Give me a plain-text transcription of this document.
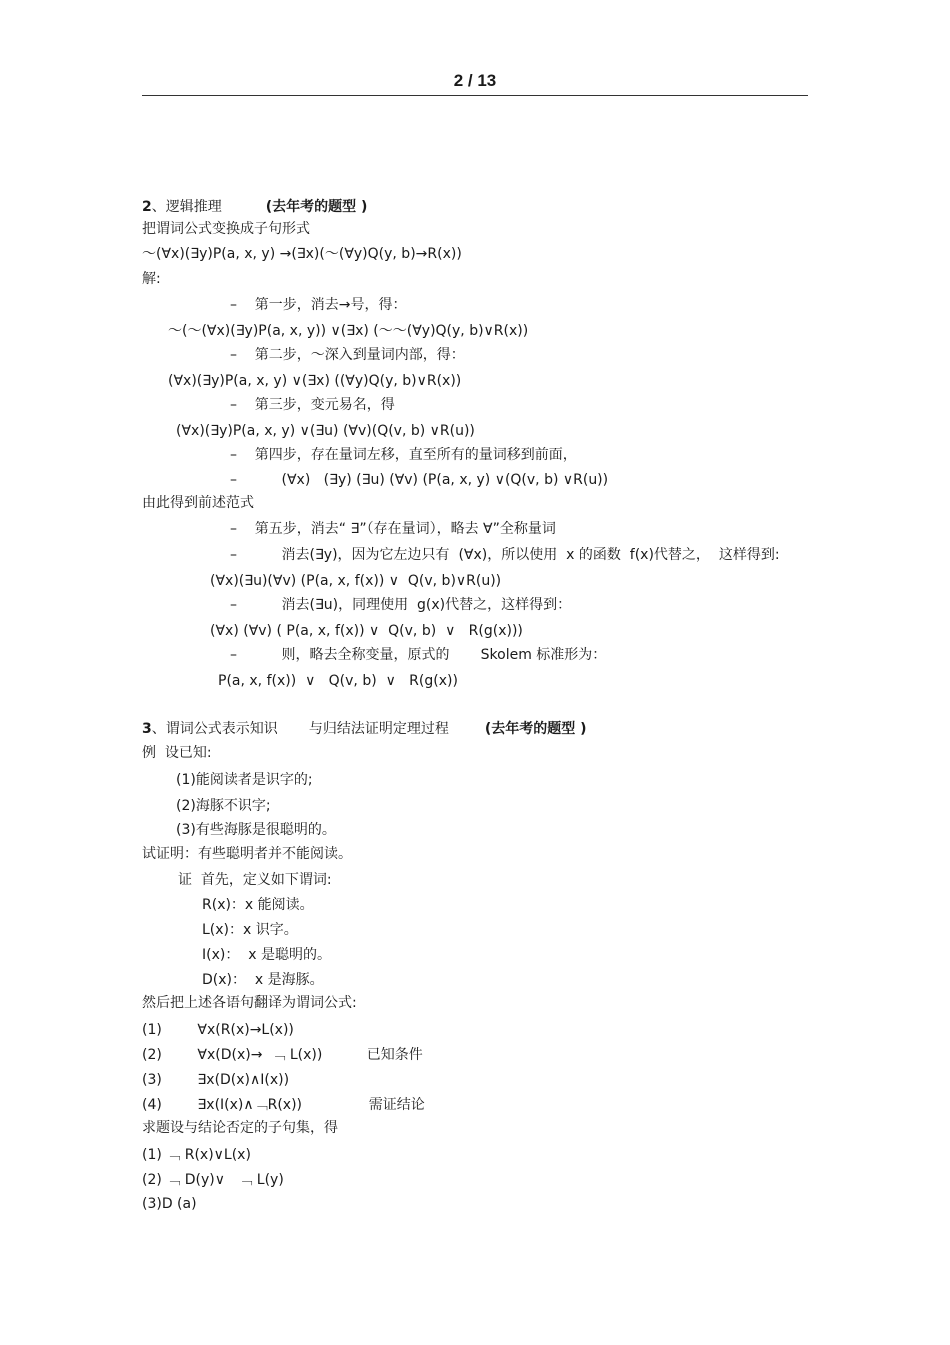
2 / 13
2、逻辑推理	(去年考的题型 )
把谓词公式变换成子句形式
～(∀x)(∃y)P(a, x, y) →(∃x)(～(∀y)Q(y, b)→R(x))
解:
–    第一步，消去→号，得：
～(～(∀x)(∃y)P(a, x, y)) ∨(∃x) (～～(∀y)Q(y, b)∨R(x))
–    第二步，～深入到量词内部，得：
(∀x)(∃y)P(a, x, y) ∨(∃x) ((∀y)Q(y, b)∨R(x))
–    第三步，变元易名，得
(∀x)(∃y)P(a, x, y) ∨(∃u) (∀v)(Q(v, b) ∨R(u))
–    第四步，存在量词左移，直至所有的量词移到前面，
–          (∀x)   (∃y) (∃u) (∀v) (P(a, x, y) ∨(Q(v, b) ∨R(u))
由此得到前述范式
–    第五步，消去“ ∃”（存在量词），略去 ∀”全称量词
–          消去(∃y)，因为它左边只有  (∀x)，所以使用  x 的函数  f(x)代替之，  这样得到:
(∀x)(∃u)(∀v) (P(a, x, f(x)) ∨  Q(v, b)∨R(u))
–          消去(∃u)，同理使用  g(x)代替之，这样得到：
(∀x) (∀v) ( P(a, x, f(x)) ∨  Q(v, b)  ∨   R(g(x)))
–          则，略去全称变量，原式的       Skolem 标准形为：
P(a, x, f(x))  ∨   Q(v, b)  ∨   R(g(x))
3、谓词公式表示知识       与归结法证明定理过程	(去年考的题型 )
例  设已知:
(1)能阅读者是识字的;
(2)海豚不识字;
(3)有些海豚是很聪明的。
试证明：有些聪明者并不能阅读。
证  首先，定义如下谓词:
R(x)：x 能阅读。
L(x)：x 识字。
I(x)：  x 是聪明的。
D(x)：  x 是海豚。
然后把上述各语句翻译为谓词公式:
(1)        ∀x(R(x)→L(x))
(2)        ∀x(D(x)→  ﹁ L(x))          已知条件
(3)        ∃x(D(x)∧I(x))
(4)        ∃x(I(x)∧﹁R(x))               需证结论
求题设与结论否定的子句集，得
(1) ﹁ R(x)∨L(x)
(2) ﹁ D(y)∨   ﹁ L(y)
(3)D (a)
